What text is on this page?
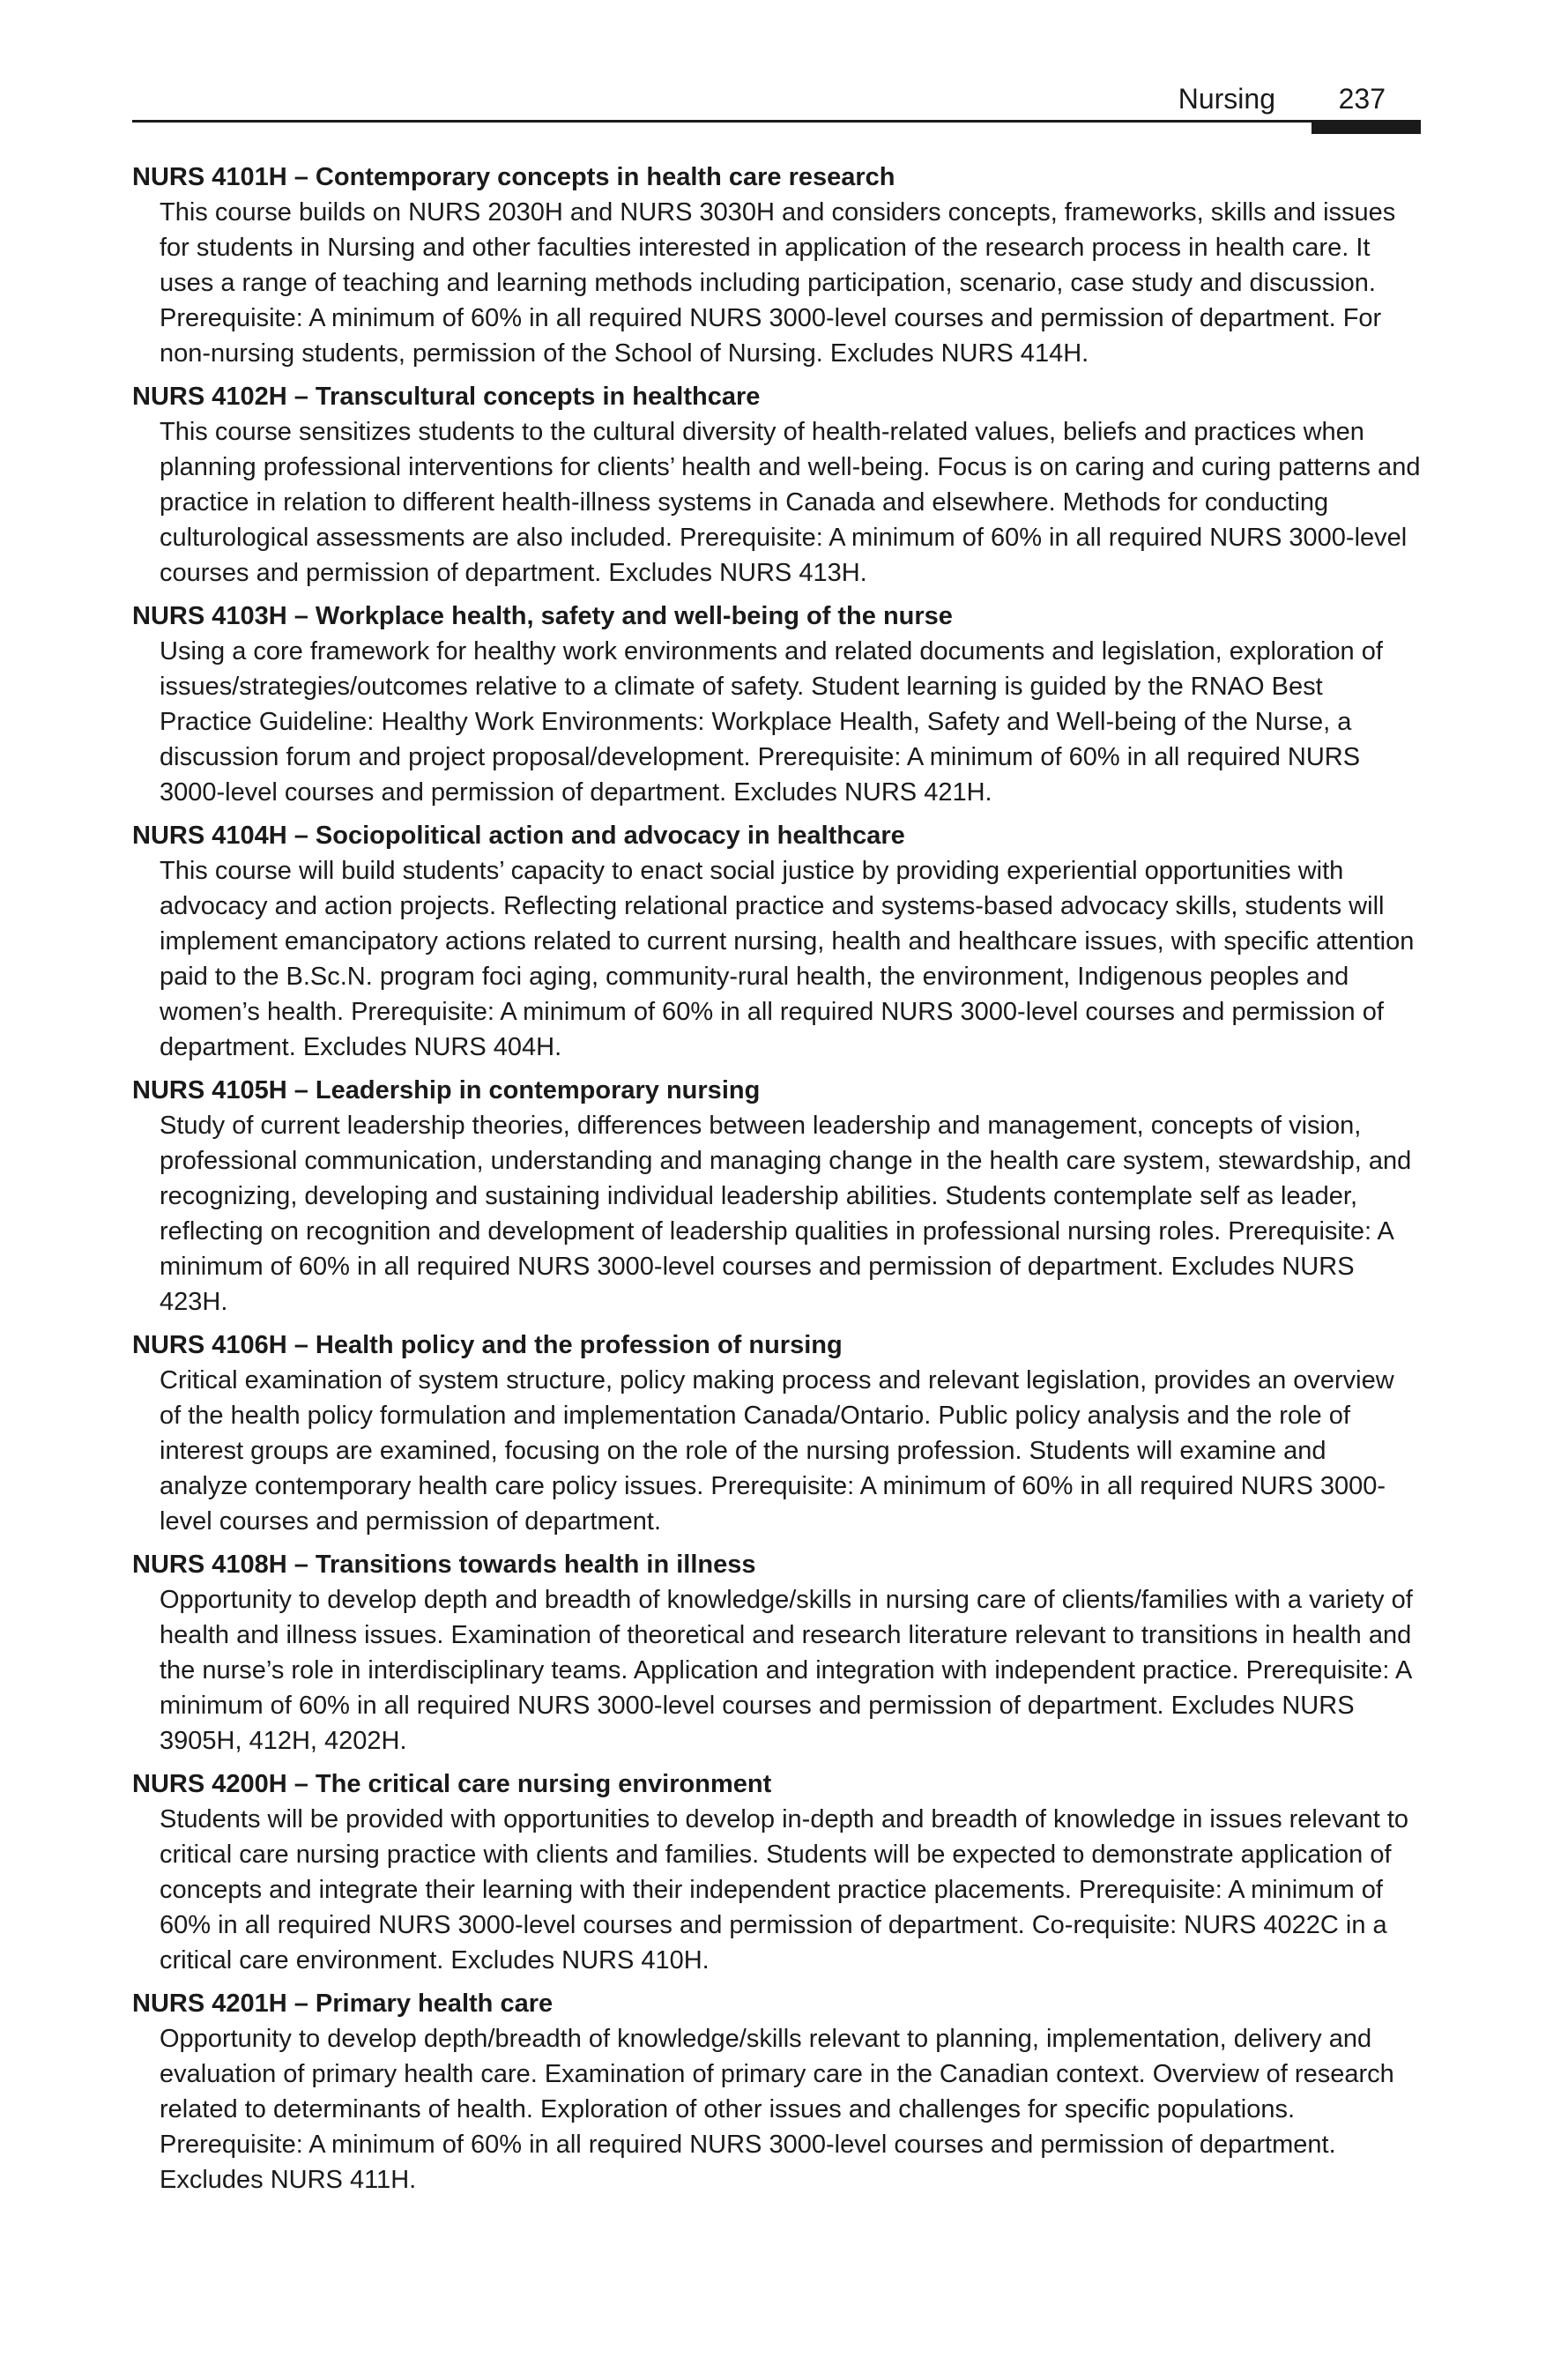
Nursing 237
NURS 4101H – Contemporary concepts in health care research
This course builds on NURS 2030H and NURS 3030H and considers concepts, frameworks, skills and issues for students in Nursing and other faculties interested in application of the research process in health care. It uses a range of teaching and learning methods including participation, scenario, case study and discussion. Prerequisite: A minimum of 60% in all required NURS 3000-level courses and permission of department. For non-nursing students, permission of the School of Nursing. Excludes NURS 414H.
NURS 4102H – Transcultural concepts in healthcare
This course sensitizes students to the cultural diversity of health-related values, beliefs and practices when planning professional interventions for clients’ health and well-being. Focus is on caring and curing patterns and practice in relation to different health-illness systems in Canada and elsewhere. Methods for conducting culturological assessments are also included. Prerequisite: A minimum of 60% in all required NURS 3000-level courses and permission of department. Excludes NURS 413H.
NURS 4103H – Workplace health, safety and well-being of the nurse
Using a core framework for healthy work environments and related documents and legislation, exploration of issues/strategies/outcomes relative to a climate of safety. Student learning is guided by the RNAO Best Practice Guideline: Healthy Work Environments: Workplace Health, Safety and Well-being of the Nurse, a discussion forum and project proposal/development. Prerequisite: A minimum of 60% in all required NURS 3000-level courses and permission of department. Excludes NURS 421H.
NURS 4104H – Sociopolitical action and advocacy in healthcare
This course will build students’ capacity to enact social justice by providing experiential opportunities with advocacy and action projects. Reflecting relational practice and systems-based advocacy skills, students will implement emancipatory actions related to current nursing, health and healthcare issues, with specific attention paid to the B.Sc.N. program foci aging, community-rural health, the environment, Indigenous peoples and women’s health. Prerequisite: A minimum of 60% in all required NURS 3000-level courses and permission of department. Excludes NURS 404H.
NURS 4105H – Leadership in contemporary nursing
Study of current leadership theories, differences between leadership and management, concepts of vision, professional communication, understanding and managing change in the health care system, stewardship, and recognizing, developing and sustaining individual leadership abilities. Students contemplate self as leader, reflecting on recognition and development of leadership qualities in professional nursing roles. Prerequisite: A minimum of 60% in all required NURS 3000-level courses and permission of department. Excludes NURS 423H.
NURS 4106H – Health policy and the profession of nursing
Critical examination of system structure, policy making process and relevant legislation, provides an overview of the health policy formulation and implementation Canada/Ontario. Public policy analysis and the role of interest groups are examined, focusing on the role of the nursing profession. Students will examine and analyze contemporary health care policy issues. Prerequisite: A minimum of 60% in all required NURS 3000-level courses and permission of department.
NURS 4108H – Transitions towards health in illness
Opportunity to develop depth and breadth of knowledge/skills in nursing care of clients/families with a variety of health and illness issues. Examination of theoretical and research literature relevant to transitions in health and the nurse’s role in interdisciplinary teams. Application and integration with independent practice. Prerequisite: A minimum of 60% in all required NURS 3000-level courses and permission of department. Excludes NURS 3905H, 412H, 4202H.
NURS 4200H – The critical care nursing environment
Students will be provided with opportunities to develop in-depth and breadth of knowledge in issues relevant to critical care nursing practice with clients and families. Students will be expected to demonstrate application of concepts and integrate their learning with their independent practice placements. Prerequisite: A minimum of 60% in all required NURS 3000-level courses and permission of department. Co-requisite: NURS 4022C in a critical care environment. Excludes NURS 410H.
NURS 4201H – Primary health care
Opportunity to develop depth/breadth of knowledge/skills relevant to planning, implementation, delivery and evaluation of primary health care. Examination of primary care in the Canadian context. Overview of research related to determinants of health. Exploration of other issues and challenges for specific populations. Prerequisite: A minimum of 60% in all required NURS 3000-level courses and permission of department. Excludes NURS 411H.
